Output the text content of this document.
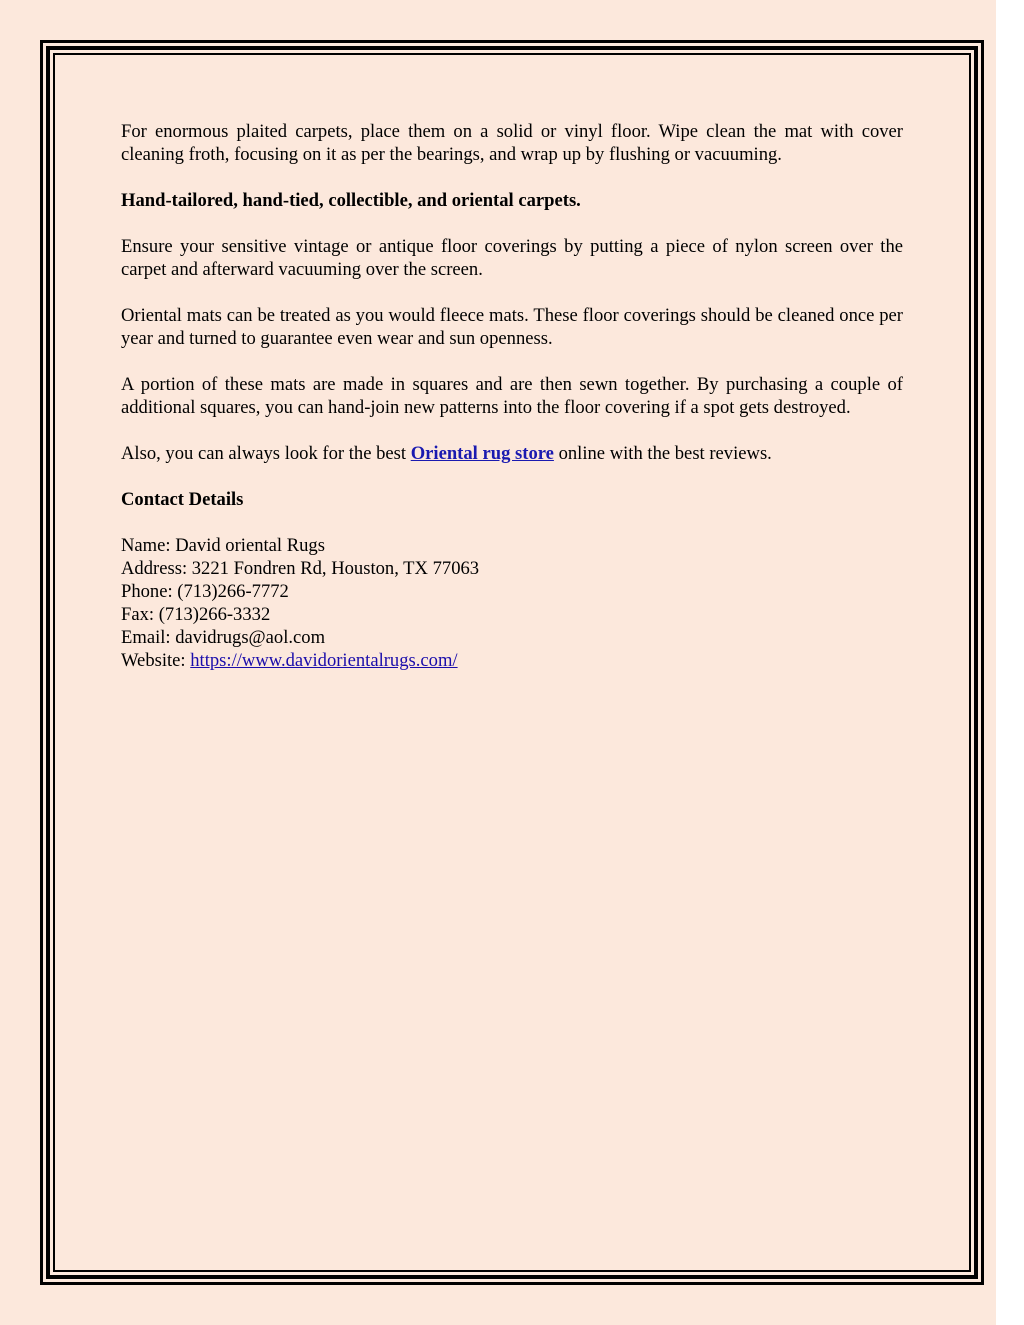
For enormous plaited carpets, place them on a solid or vinyl floor. Wipe clean the mat with cover cleaning froth, focusing on it as per the bearings, and wrap up by flushing or vacuuming.

Hand-tailored, hand-tied, collectible, and oriental carpets.

Ensure your sensitive vintage or antique floor coverings by putting a piece of nylon screen over the carpet and afterward vacuuming over the screen.

Oriental mats can be treated as you would fleece mats. These floor coverings should be cleaned once per year and turned to guarantee even wear and sun openness.

A portion of these mats are made in squares and are then sewn together. By purchasing a couple of additional squares, you can hand-join new patterns into the floor covering if a spot gets destroyed.

Also, you can always look for the best Oriental rug store online with the best reviews.

Contact Details
Name: David oriental Rugs
Address: 3221 Fondren Rd, Houston, TX 77063
Phone: (713)266-7772
Fax: (713)266-3332
Email: davidrugs@aol.com
Website: https://www.davidorientalrugs.com/
